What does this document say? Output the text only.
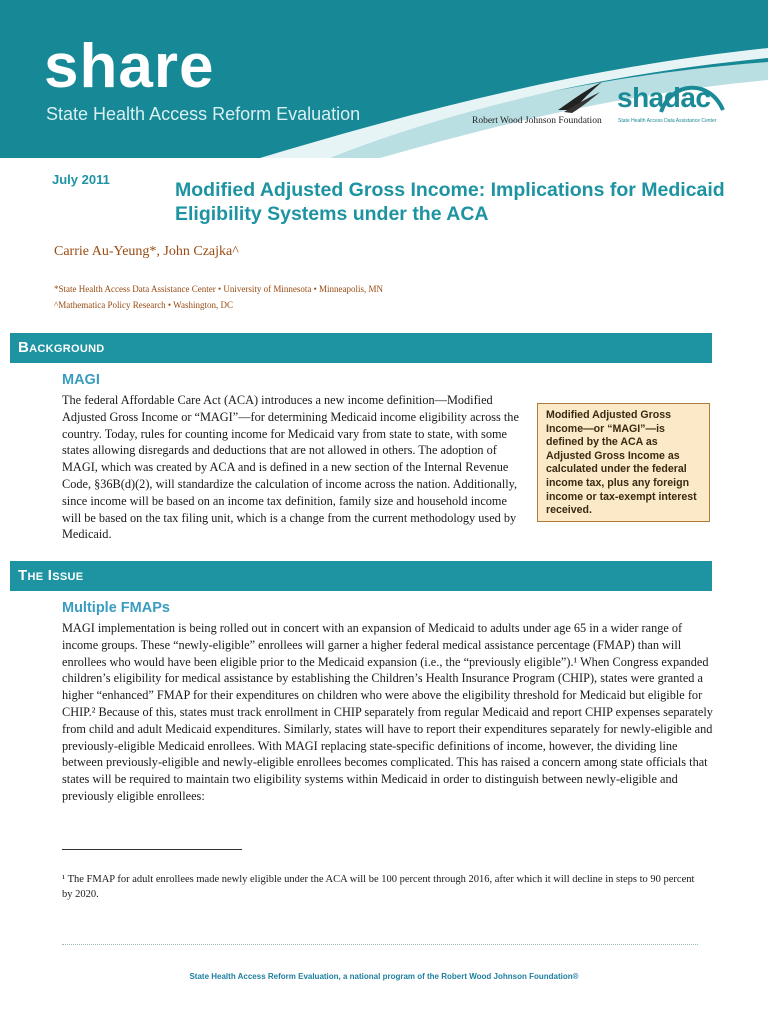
share
State Health Access Reform Evaluation	Robert Wood Johnson Foundation
shadac
State Health Access Data Assistance Center
July 2011	Modified Adjusted Gross Income: Implications for Medicaid Eligibility Systems under the ACA
Carrie Au-Yeung*, John Czajka^
*State Health Access Data Assistance Center • University of Minnesota • Minneapolis, MN
^Mathematica Policy Research • Washington, DC
Background
MAGI
The federal Affordable Care Act (ACA) introduces a new income definition—Modified Adjusted Gross Income or “MAGI”—for determining Medicaid income eligibility across the country. Today, rules for counting income for Medicaid vary from state to state, with some states allowing disregards and deductions that are not allowed in others. The adoption of MAGI, which was created by ACA and is defined in a new section of the Internal Revenue Code, §36B(d)(2), will standardize the calculation of income across the nation. Additionally, since income will be based on an income tax definition, family size and household income will be based on the tax filing unit, which is a change from the current methodology used by Medicaid.
Modified Adjusted Gross Income—or “MAGI”—is defined by the ACA as Adjusted Gross Income as calculated under the federal income tax, plus any foreign income or tax-exempt interest received.
The Issue
Multiple FMAPs
MAGI implementation is being rolled out in concert with an expansion of Medicaid to adults under age 65 in a wider range of income groups. These “newly-eligible” enrollees will garner a higher federal medical assistance percentage (FMAP) than will enrollees who would have been eligible prior to the Medicaid expansion (i.e., the “previously eligible”).¹ When Congress expanded children’s eligibility for medical assistance by establishing the Children’s Health Insurance Program (CHIP), states were granted a higher “enhanced” FMAP for their expenditures on children who were above the eligibility threshold for Medicaid but eligible for CHIP.² Because of this, states must track enrollment in CHIP separately from regular Medicaid and report CHIP expenses separately from child and adult Medicaid expenditures. Similarly, states will have to report their expenditures separately for newly-eligible and previously-eligible Medicaid enrollees. With MAGI replacing state-specific definitions of income, however, the dividing line between previously-eligible and newly-eligible enrollees becomes complicated. This has raised a concern among state officials that states will be required to maintain two eligibility systems within Medicaid in order to distinguish between newly-eligible and previously eligible enrollees:
¹ The FMAP for adult enrollees made newly eligible under the ACA will be 100 percent through 2016, after which it will decline in steps to 90 percent by 2020.
State Health Access Reform Evaluation, a national program of the Robert Wood Johnson Foundation®
